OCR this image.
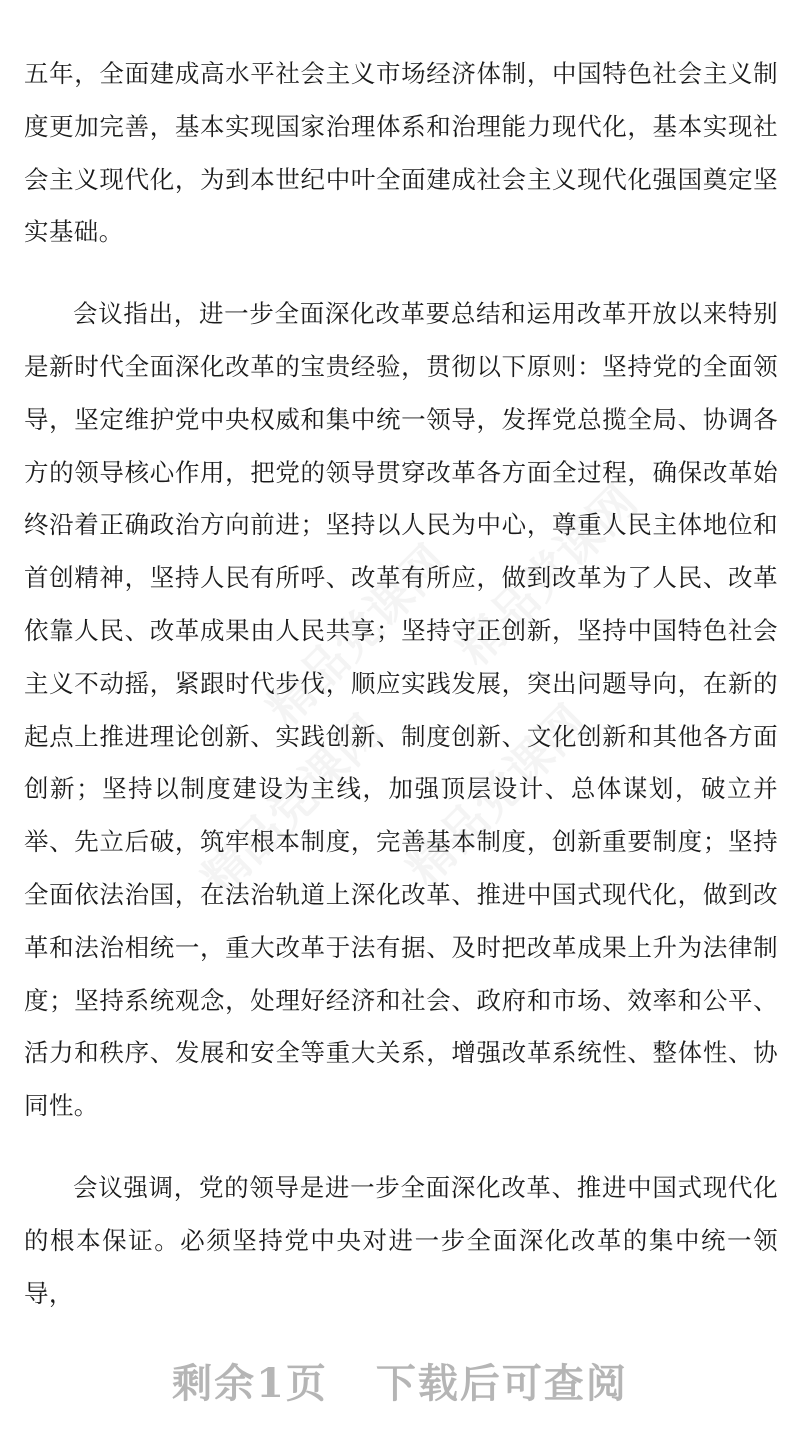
精品党课网 精品党课网
精品党课网
精品党课网

五年，全面建成高水平社会主义市场经济体制，中国特色社会主义制度更加完善，基本实现国家治理体系和治理能力现代化，基本实现社会主义现代化，为到本世纪中叶全面建成社会主义现代化强国奠定坚实基础。

会议指出，进一步全面深化改革要总结和运用改革开放以来特别是新时代全面深化改革的宝贵经验，贯彻以下原则：坚持党的全面领导，坚定维护党中央权威和集中统一领导，发挥党总揽全局、协调各方的领导核心作用，把党的领导贯穿改革各方面全过程，确保改革始终沿着正确政治方向前进；坚持以人民为中心，尊重人民主体地位和首创精神，坚持人民有所呼、改革有所应，做到改革为了人民、改革依靠人民、改革成果由人民共享；坚持守正创新，坚持中国特色社会主义不动摇，紧跟时代步伐，顺应实践发展，突出问题导向，在新的起点上推进理论创新、实践创新、制度创新、文化创新和其他各方面创新；坚持以制度建设为主线，加强顶层设计、总体谋划，破立并举、先立后破，筑牢根本制度，完善基本制度，创新重要制度；坚持全面依法治国，在法治轨道上深化改革、推进中国式现代化，做到改革和法治相统一，重大改革于法有据、及时把改革成果上升为法律制度；坚持系统观念，处理好经济和社会、政府和市场、效率和公平、活力和秩序、发展和安全等重大关系，增强改革系统性、整体性、协同性。

会议强调，党的领导是进一步全面深化改革、推进中国式现代化的根本保证。必须坚持党中央对进一步全面深化改革的集中统一领导，

剩余1页 下载后可查阅
